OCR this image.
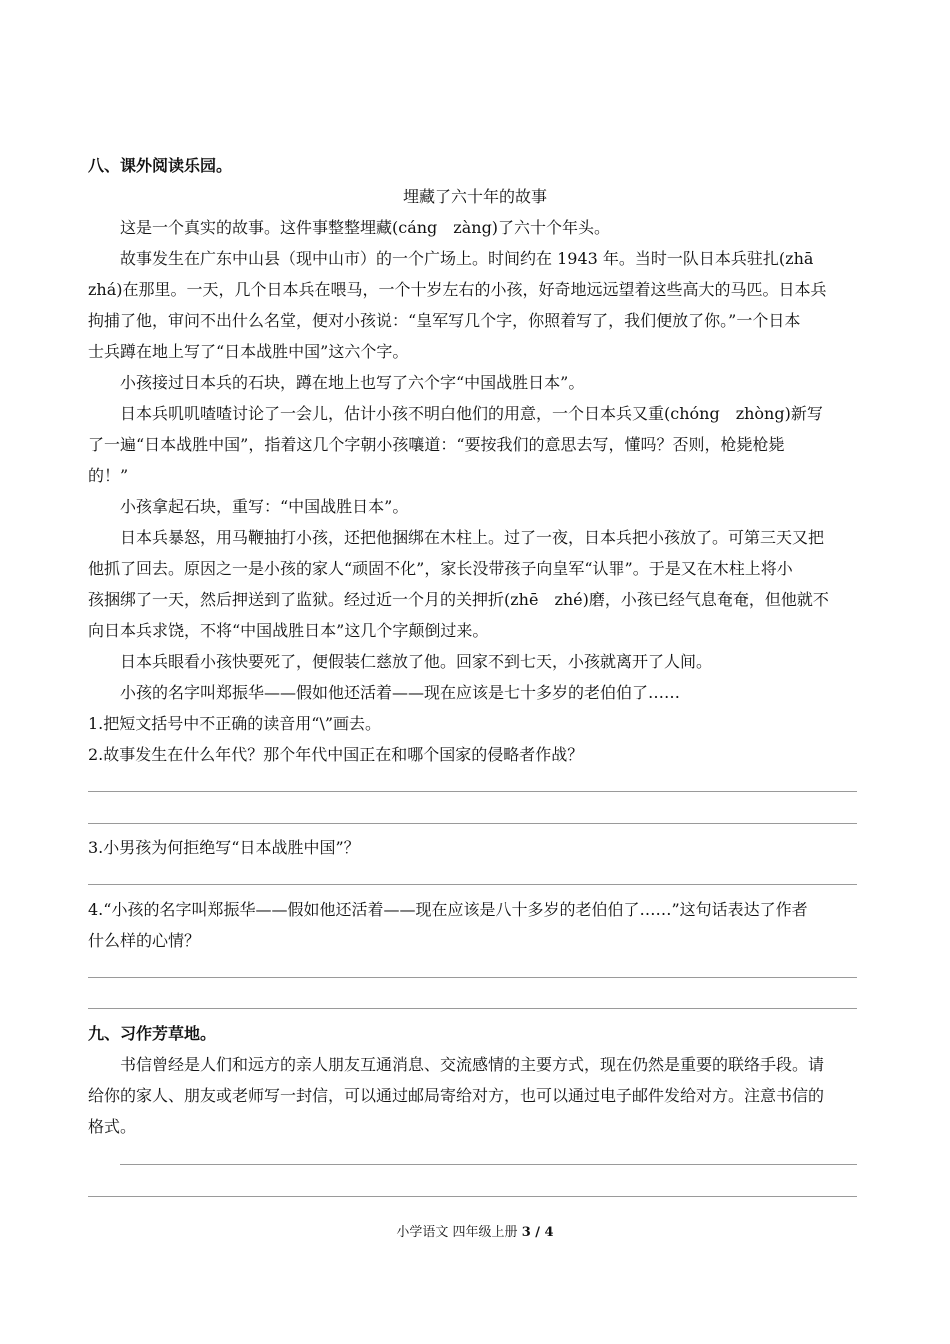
八、课外阅读乐园。
埋藏了六十年的故事
这是一个真实的故事。这件事整整埋藏(cáng　zàng)了六十个年头。
故事发生在广东中山县（现中山市）的一个广场上。时间约在 1943 年。当时一队日本兵驻扎(zhā
zhá)在那里。一天，几个日本兵在喂马，一个十岁左右的小孩，好奇地远远望着这些高大的马匹。日本兵
拘捕了他，审问不出什么名堂，便对小孩说：“皇军写几个字，你照着写了，我们便放了你。”一个日本
士兵蹲在地上写了“日本战胜中国”这六个字。
小孩接过日本兵的石块，蹲在地上也写了六个字“中国战胜日本”。
日本兵叽叽喳喳讨论了一会儿，估计小孩不明白他们的用意，一个日本兵又重(chóng　zhòng)新写
了一遍“日本战胜中国”，指着这几个字朝小孩嚷道：“要按我们的意思去写，懂吗？否则，枪毙枪毙
的！”
小孩拿起石块，重写：“中国战胜日本”。
日本兵暴怒，用马鞭抽打小孩，还把他捆绑在木柱上。过了一夜，日本兵把小孩放了。可第三天又把
他抓了回去。原因之一是小孩的家人“顽固不化”，家长没带孩子向皇军“认罪”。于是又在木柱上将小
孩捆绑了一天，然后押送到了监狱。经过近一个月的关押折(zhē　zhé)磨，小孩已经气息奄奄，但他就不
向日本兵求饶，不将“中国战胜日本”这几个字颠倒过来。
日本兵眼看小孩快要死了，便假装仁慈放了他。回家不到七天，小孩就离开了人间。
小孩的名字叫郑振华——假如他还活着——现在应该是七十多岁的老伯伯了……
1.把短文括号中不正确的读音用“\”画去。
2.故事发生在什么年代？那个年代中国正在和哪个国家的侵略者作战？
3.小男孩为何拒绝写“日本战胜中国”？
4.“小孩的名字叫郑振华——假如他还活着——现在应该是八十多岁的老伯伯了……”这句话表达了作者
什么样的心情？
九、习作芳草地。
书信曾经是人们和远方的亲人朋友互通消息、交流感情的主要方式，现在仍然是重要的联络手段。请
给你的家人、朋友或老师写一封信，可以通过邮局寄给对方，也可以通过电子邮件发给对方。注意书信的
格式。
小学语文 四年级上册 3 / 4
